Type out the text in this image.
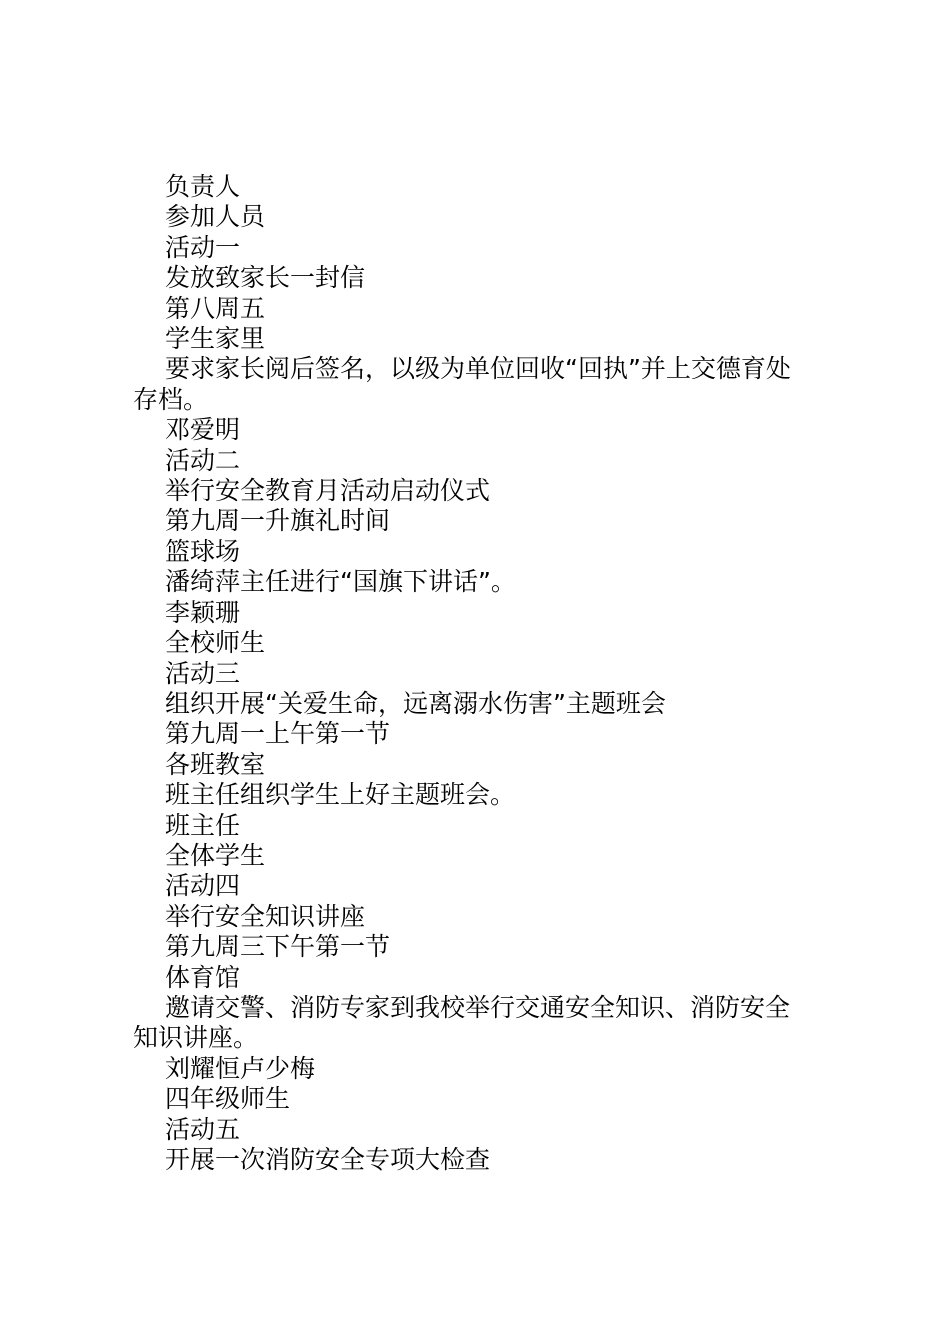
负责人

参加人员

活动一

发放致家长一封信

第八周五

学生家里

要求家长阅后签名，以级为单位回收“回执”并上交德育处存档。

邓爱明

活动二

举行安全教育月活动启动仪式

第九周一升旗礼时间

篮球场

潘绮萍主任进行“国旗下讲话”。

李颖珊

全校师生

活动三

组织开展“关爱生命，远离溺水伤害”主题班会

第九周一上午第一节

各班教室

班主任组织学生上好主题班会。

班主任

全体学生

活动四

举行安全知识讲座

第九周三下午第一节

体育馆

邀请交警、消防专家到我校举行交通安全知识、消防安全知识讲座。

刘耀恒卢少梅

四年级师生

活动五

开展一次消防安全专项大检查
